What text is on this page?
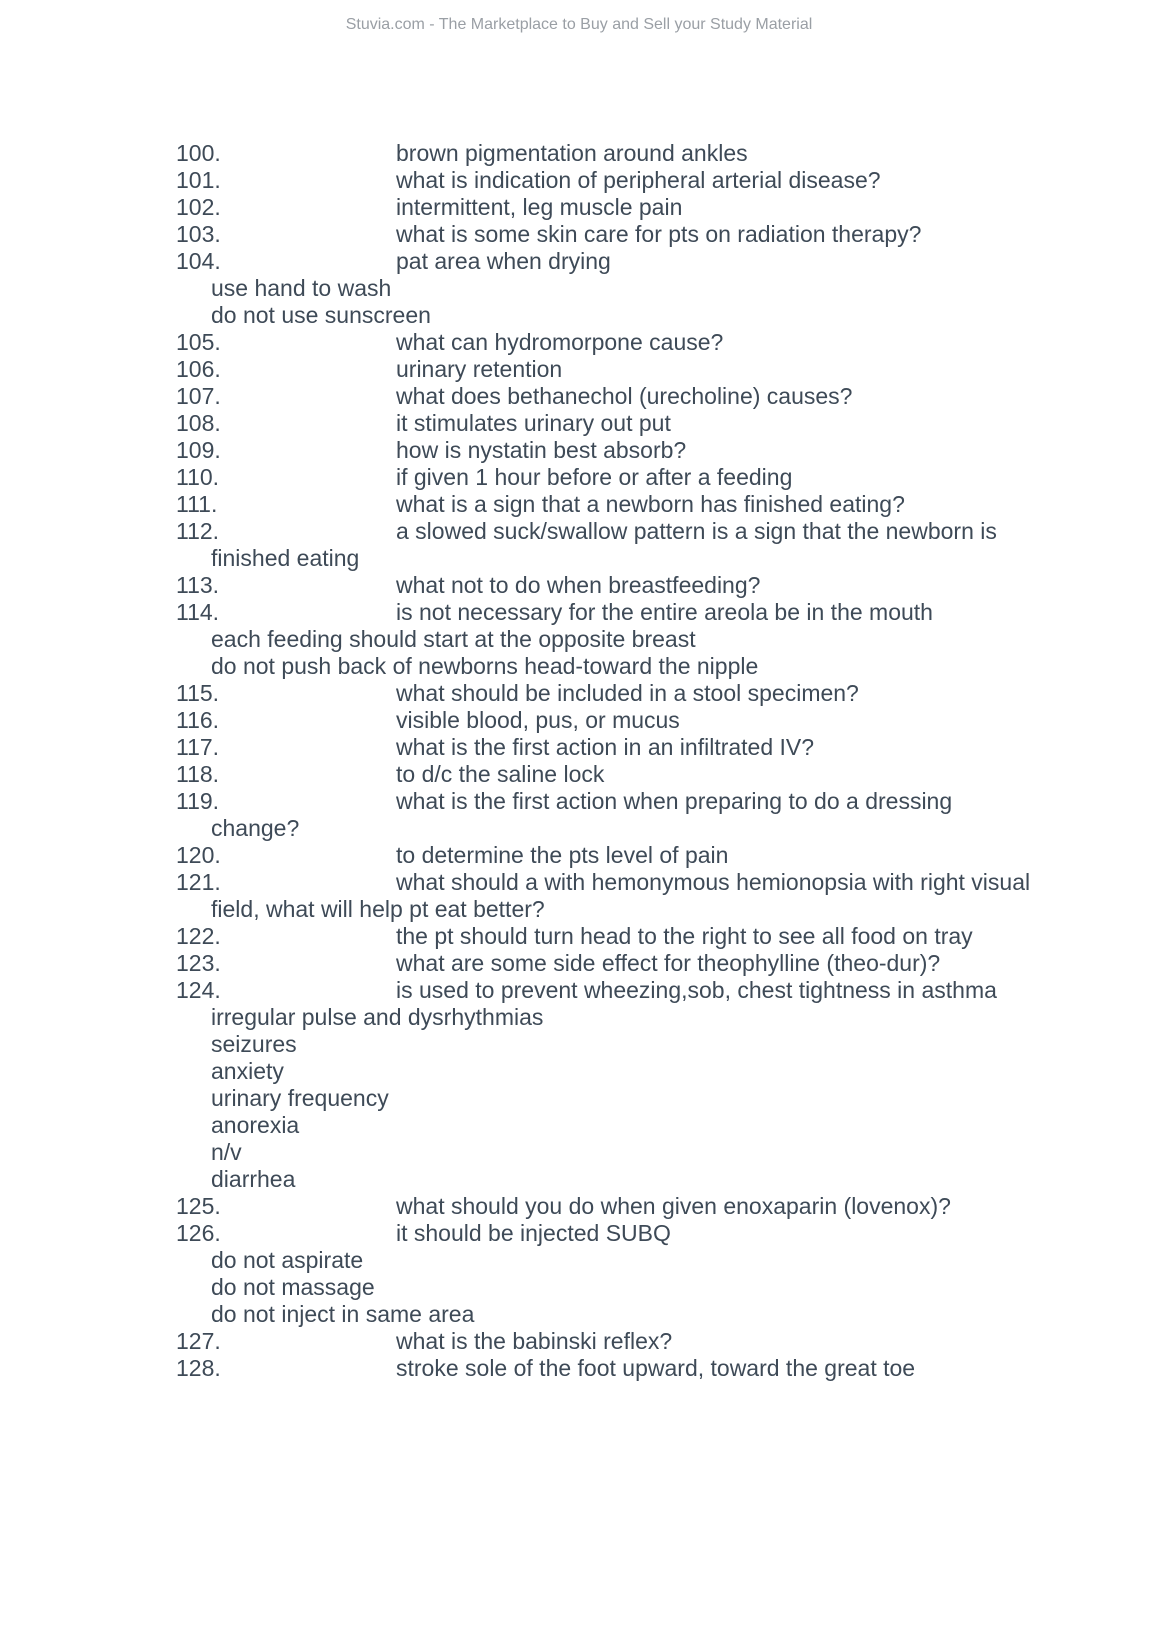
Stuvia.com - The Marketplace to Buy and Sell your Study Material
100.	brown pigmentation around ankles
101.	what is indication of peripheral arterial disease?
102.	intermittent, leg muscle pain
103.	what is some skin care for pts on radiation therapy?
104.	pat area when drying
use hand to wash
do not use sunscreen
105.	what can hydromorpone cause?
106.	urinary retention
107.	what does bethanechol (urecholine) causes?
108.	it stimulates urinary out put
109.	how is nystatin best absorb?
110.	if given 1 hour before or after a feeding
111.	what is a sign that a newborn has finished eating?
112.	a slowed suck/swallow pattern is a sign that the newborn is
finished eating
113.	what not to do when breastfeeding?
114.	is not necessary for the entire areola be in the mouth
each feeding should start at the opposite breast
do not push back of newborns head-toward the nipple
115.	what should be included in a stool specimen?
116.	visible blood, pus, or mucus
117.	what is the first action in an infiltrated IV?
118.	to d/c the saline lock
119.	what is the first action when preparing to do a dressing
change?
120.	to determine the pts level of pain
121.	what should a with hemonymous hemionopsia with right visual
field, what will help pt eat better?
122.	the pt should turn head to the right to see all food on tray
123.	what are some side effect for theophylline (theo-dur)?
124.	is used to prevent wheezing,sob, chest tightness in asthma
irregular pulse and dysrhythmias
seizures
anxiety
urinary frequency
anorexia
n/v
diarrhea
125.	what should you do when given enoxaparin (lovenox)?
126.	it should be injected SUBQ
do not aspirate
do not massage
do not inject in same area
127.	what is the babinski reflex?
128.	stroke sole of the foot upward, toward the great toe
